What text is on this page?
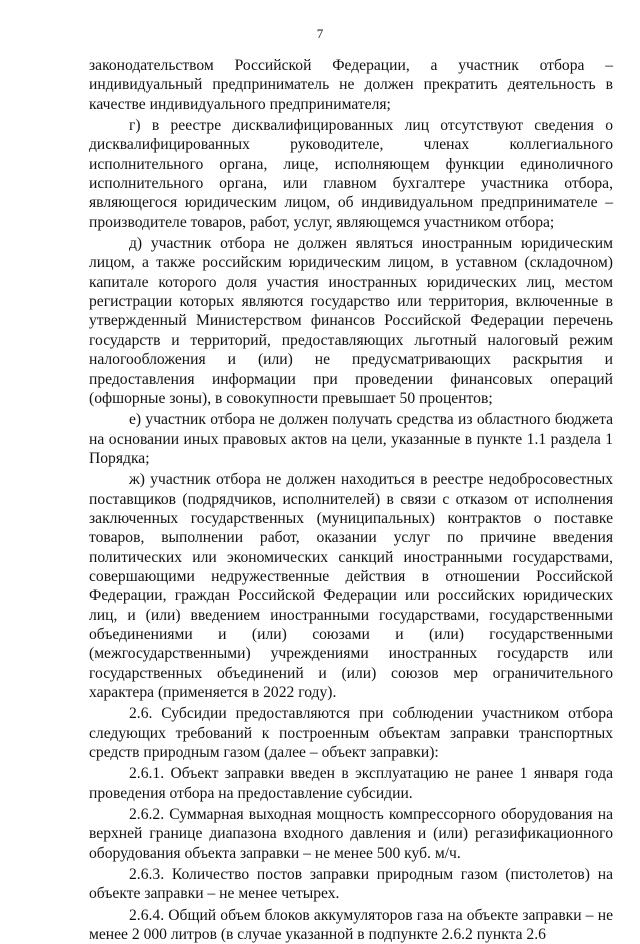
7

законодательством Российской Федерации, а участник отбора – индивидуальный предприниматель не должен прекратить деятельность в качестве индивидуального предпринимателя;

г) в реестре дисквалифицированных лиц отсутствуют сведения о дисквалифицированных руководителе, членах коллегиального исполнительного органа, лице, исполняющем функции единоличного исполнительного органа, или главном бухгалтере участника отбора, являющегося юридическим лицом, об индивидуальном предпринимателе – производителе товаров, работ, услуг, являющемся участником отбора;

д) участник отбора не должен являться иностранным юридическим лицом, а также российским юридическим лицом, в уставном (складочном) капитале которого доля участия иностранных юридических лиц, местом регистрации которых являются государство или территория, включенные в утвержденный Министерством финансов Российской Федерации перечень государств и территорий, предоставляющих льготный налоговый режим налогообложения и (или) не предусматривающих раскрытия и предоставления информации при проведении финансовых операций (офшорные зоны), в совокупности превышает 50 процентов;

е) участник отбора не должен получать средства из областного бюджета на основании иных правовых актов на цели, указанные в пункте 1.1 раздела 1 Порядка;

ж) участник отбора не должен находиться в реестре недобросовестных поставщиков (подрядчиков, исполнителей) в связи с отказом от исполнения заключенных государственных (муниципальных) контрактов о поставке товаров, выполнении работ, оказании услуг по причине введения политических или экономических санкций иностранными государствами, совершающими недружественные действия в отношении Российской Федерации, граждан Российской Федерации или российских юридических лиц, и (или) введением иностранными государствами, государственными объединениями и (или) союзами и (или) государственными (межгосударственными) учреждениями иностранных государств или государственных объединений и (или) союзов мер ограничительного характера (применяется в 2022 году).

2.6. Субсидии предоставляются при соблюдении участником отбора следующих требований к построенным объектам заправки транспортных средств природным газом (далее – объект заправки):

2.6.1. Объект заправки введен в эксплуатацию не ранее 1 января года проведения отбора на предоставление субсидии.

2.6.2. Суммарная выходная мощность компрессорного оборудования на верхней границе диапазона входного давления и (или) регазификационного оборудования объекта заправки – не менее 500 куб. м/ч.

2.6.3. Количество постов заправки природным газом (пистолетов) на объекте заправки – не менее четырех.

2.6.4. Общий объем блоков аккумуляторов газа на объекте заправки – не менее 2 000 литров (в случае указанной в подпункте 2.6.2 пункта 2.6
